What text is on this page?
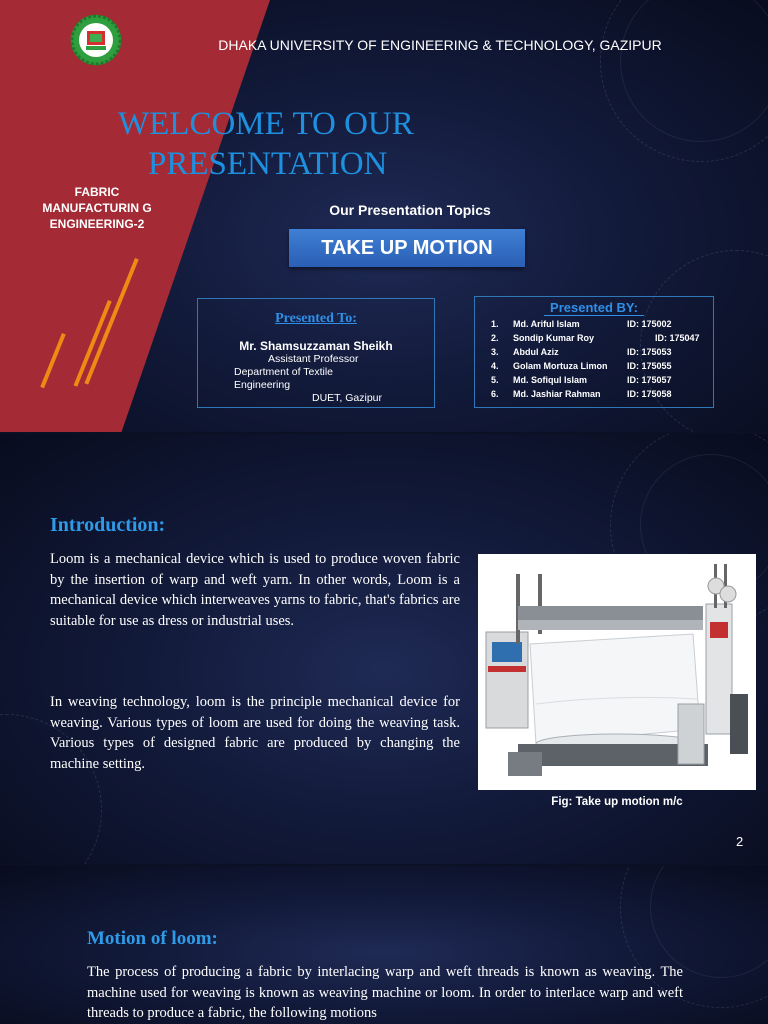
DHAKA UNIVERSITY OF ENGINEERING & TECHNOLOGY, GAZIPUR
WELCOME TO OUR

PRESENTATION
FABRIC MANUFACTURIN G ENGINEERING-2
Our Presentation Topics
TAKE UP MOTION
Presented To:
Mr. Shamsuzzaman Sheikh
Assistant Professor
Department of Textile Engineering
DUET, Gazipur
Presented BY:
1. Md. Ariful Islam	ID: 175002
2. Sondip Kumar Roy	ID: 175047
3. Abdul Aziz	ID: 175053
4. Golam Mortuza Limon ID: 175055
5. Md. Sofiqul Islam	ID: 175057
6. Md. Jashiar Rahman	ID: 175058
Introduction:
Loom is a mechanical device which is used to produce woven fabric by the insertion of warp and weft yarn. In other words, Loom is a mechanical device which interweaves yarns to fabric, that's fabrics are suitable for use as dress or industrial uses.
In weaving technology, loom is the principle mechanical device for weaving. Various types of loom are used for doing the weaving task. Various types of designed fabric are produced by changing the machine setting.
Fig: Take up motion m/c
2
Motion of loom:
The process of producing a fabric by interlacing warp and weft threads is known as weaving. The machine used for weaving is known as weaving machine or loom. In order to interlace warp and weft threads to produce a fabric, the following motions
